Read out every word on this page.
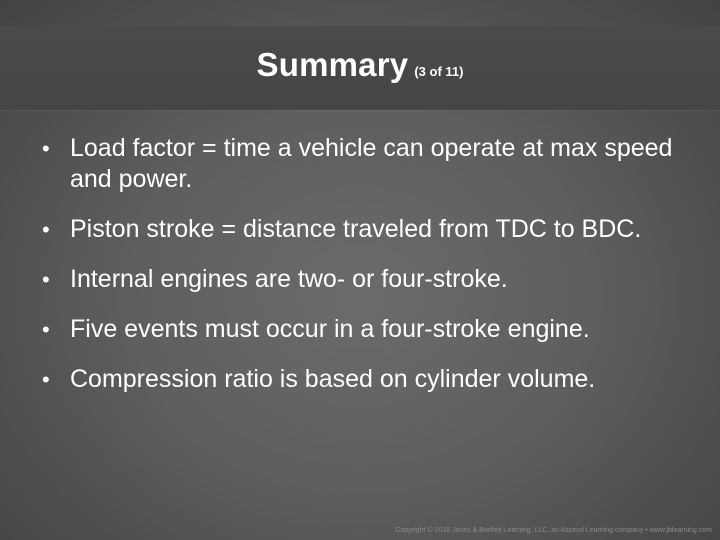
Summary (3 of 11)
• Load factor = time a vehicle can operate at max speed and power.
• Piston stroke = distance traveled from TDC to BDC.
• Internal engines are two- or four-stroke.
• Five events must occur in a four-stroke engine.
• Compression ratio is based on cylinder volume.
Copyright © 2018 Jones & Bartlett Learning, LLC, an Ascend Learning company • www.jblearning.com
